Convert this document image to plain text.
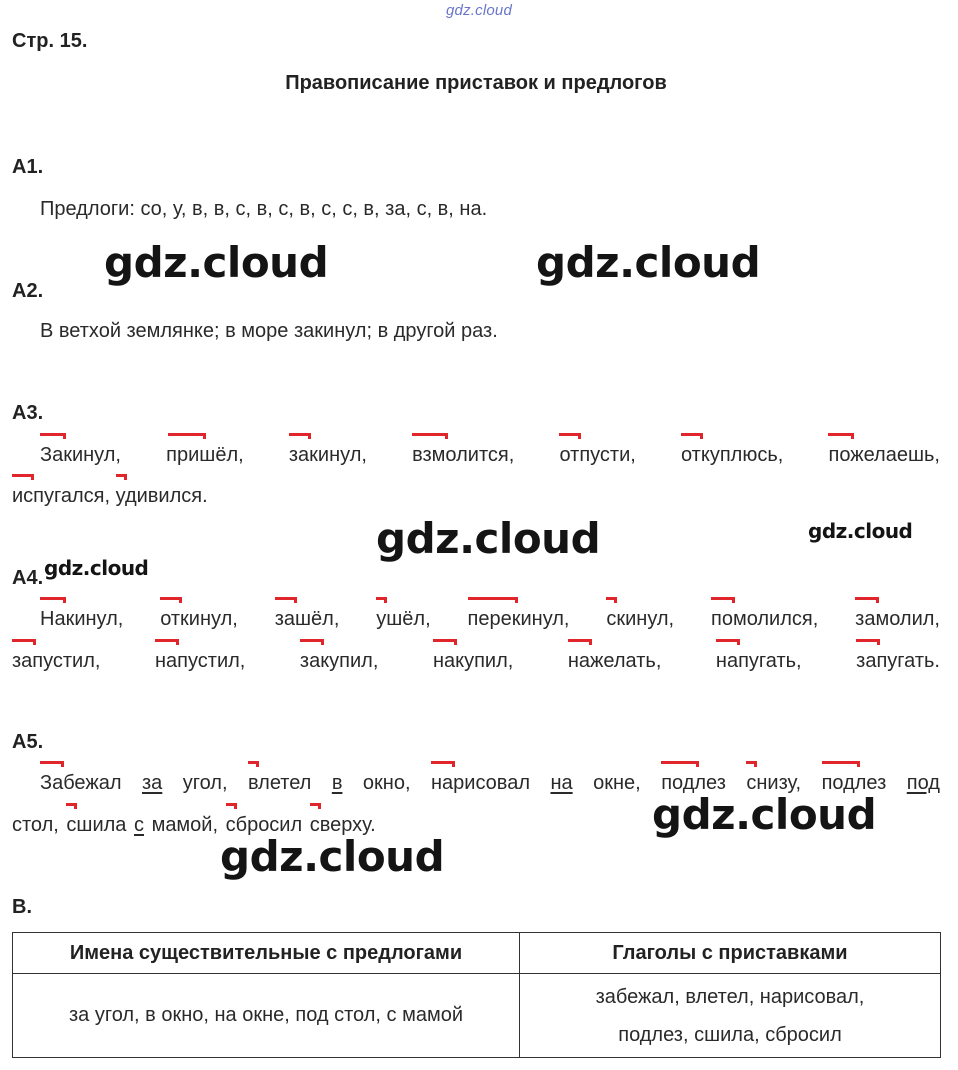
gdz.cloud
Стр. 15.
Правописание приставок и предлогов
А1.
Предлоги: со, у, в, в, с, в, с, в, с, с, в, за, с, в, на.
А2.
В ветхой землянке; в море закинул; в другой раз.
А3.
Закинул, пришёл, закинул, взмолится, отпусти, откуплюсь, пожелаешь,
испугался, удивился.
А4.
Накинул, откинул, зашёл, ушёл, перекинул, скинул, помолился, замолил,
запустил,	напустил,	закупил,	накупил,	нажелать,	напугать,	запугать.
А5.
Забежал за угол, влетел в окно, нарисовал на окне, подлез снизу, подлез под
стол, сшила с мамой, сбросил сверху.
В.
Имена существительные с предлогами	Глаголы с приставками
за угол, в окно, на окне, под стол, с мамой	забежал, влетел, нарисовал,
подлез, сшила, сбросил
gdz.cloud	gdz.cloud
gdz.cloud	gdz.cloud
gdz.cloud
gdz.cloud
gdz.cloud
